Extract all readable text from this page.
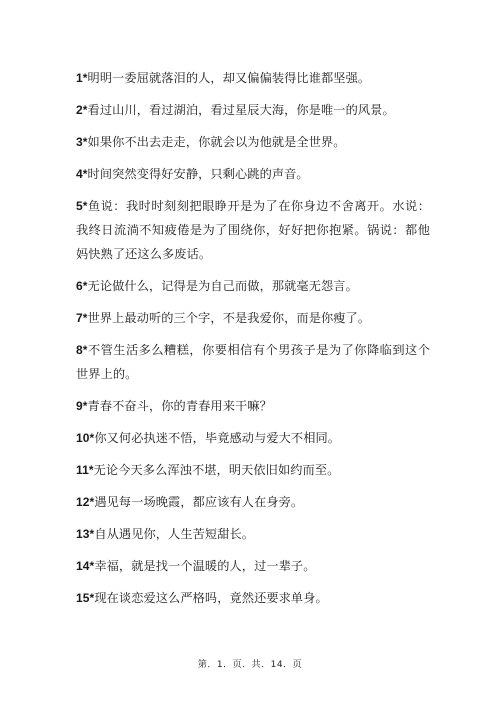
1*明明一委屈就落泪的人，却又偏偏装得比谁都坚强。

2*看过山川，看过湖泊，看过星辰大海，你是唯一的风景。

3*如果你不出去走走，你就会以为他就是全世界。

4*时间突然变得好安静，只剩心跳的声音。

5*鱼说：我时时刻刻把眼睁开是为了在你身边不舍离开。水说：我终日流淌不知疲倦是为了围绕你，好好把你抱紧。锅说：都他妈快熟了还这么多废话。

6*无论做什么，记得是为自己而做，那就毫无怨言。

7*世界上最动听的三个字，不是我爱你，而是你瘦了。

8*不管生活多么糟糕，你要相信有个男孩子是为了你降临到这个世界上的。

9*青春不奋斗，你的青春用来干嘛？

10*你又何必执迷不悟，毕竟感动与爱大不相同。

11*无论今天多么浑浊不堪，明天依旧如约而至。

12*遇见每一场晚霞，都应该有人在身旁。

13*自从遇见你，人生苦短甜长。

14*幸福，就是找一个温暖的人，过一辈子。

15*现在谈恋爱这么严格吗，竟然还要求单身。

第．1．页．共．14．页
